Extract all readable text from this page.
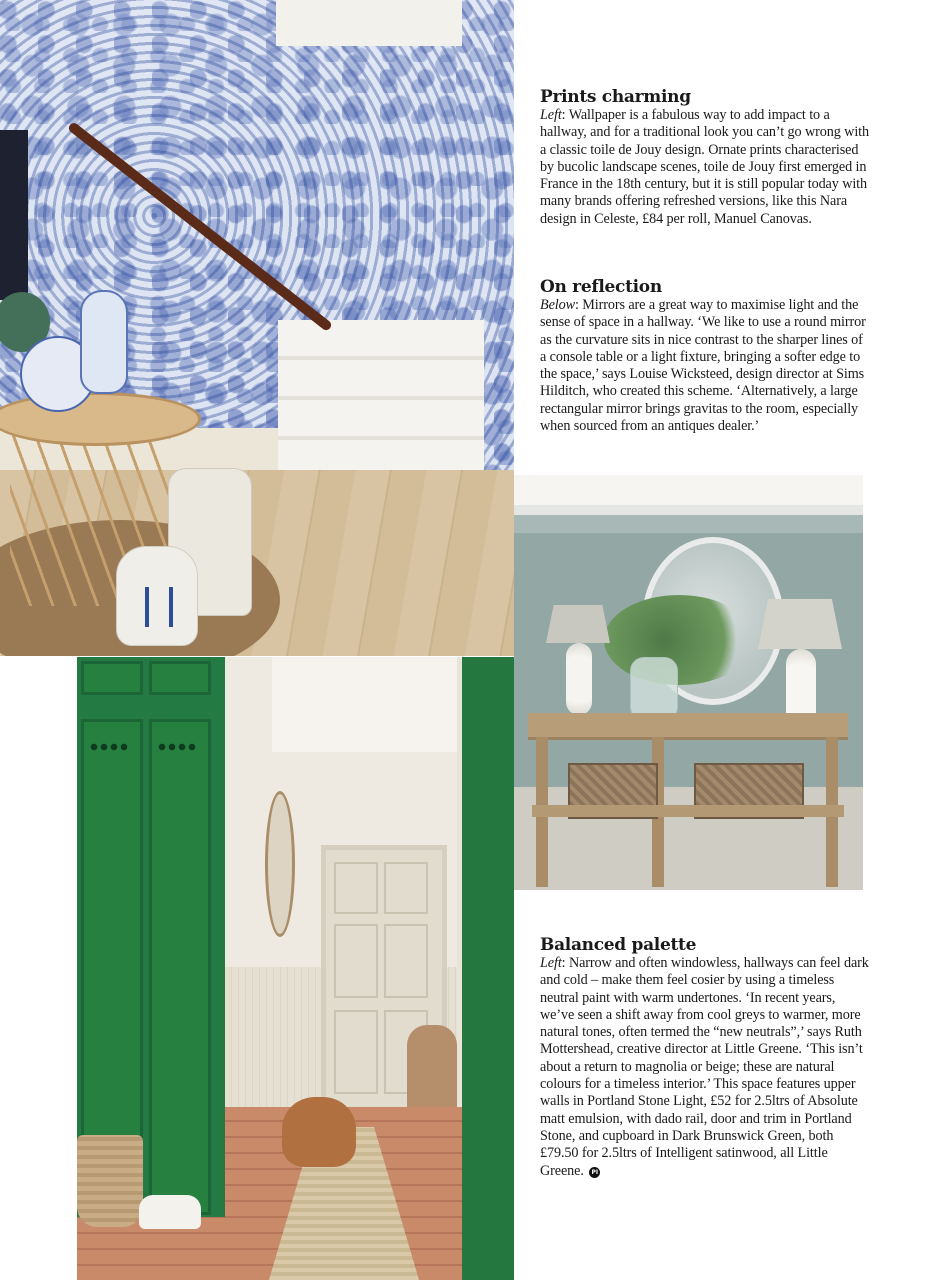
Prints charming

Left: Wallpaper is a fabulous way to add impact to a hallway, and for a traditional look you can’t go wrong with a classic toile de Jouy design. Ornate prints characterised by bucolic landscape scenes, toile de Jouy first emerged in France in the 18th century, but it is still popular today with many brands offering refreshed versions, like this Nara design in Celeste, £84 per roll, Manuel Canovas.

On reflection

Below: Mirrors are a great way to maximise light and the sense of space in a hallway. ‘We like to use a round mirror as the curvature sits in nice contrast to the sharper lines of a console table or a light fixture, bringing a softer edge to the space,’ says Louise Wicksteed, design director at Sims Hilditch, who created this scheme. ‘Alternatively, a large rectangular mirror brings gravitas to the room, especially when sourced from an antiques dealer.’

Balanced palette

Left: Narrow and often windowless, hallways can feel dark and cold – make them feel cosier by using a timeless neutral paint with warm undertones. ‘In recent years, we’ve seen a shift away from cool greys to warmer, more natural tones, often termed the “new neutrals”,’ says Ruth Mottershead, creative director at Little Greene. ‘This isn’t about a return to magnolia or beige; these are natural colours for a timeless interior.’ This space features upper walls in Portland Stone Light, £52 for 2.5ltrs of Absolute matt emulsion, with dado rail, door and trim in Portland Stone, and cupboard in Dark Brunswick Green, both £79.50 for 2.5ltrs of Intelligent satinwood, all Little Greene. PI
